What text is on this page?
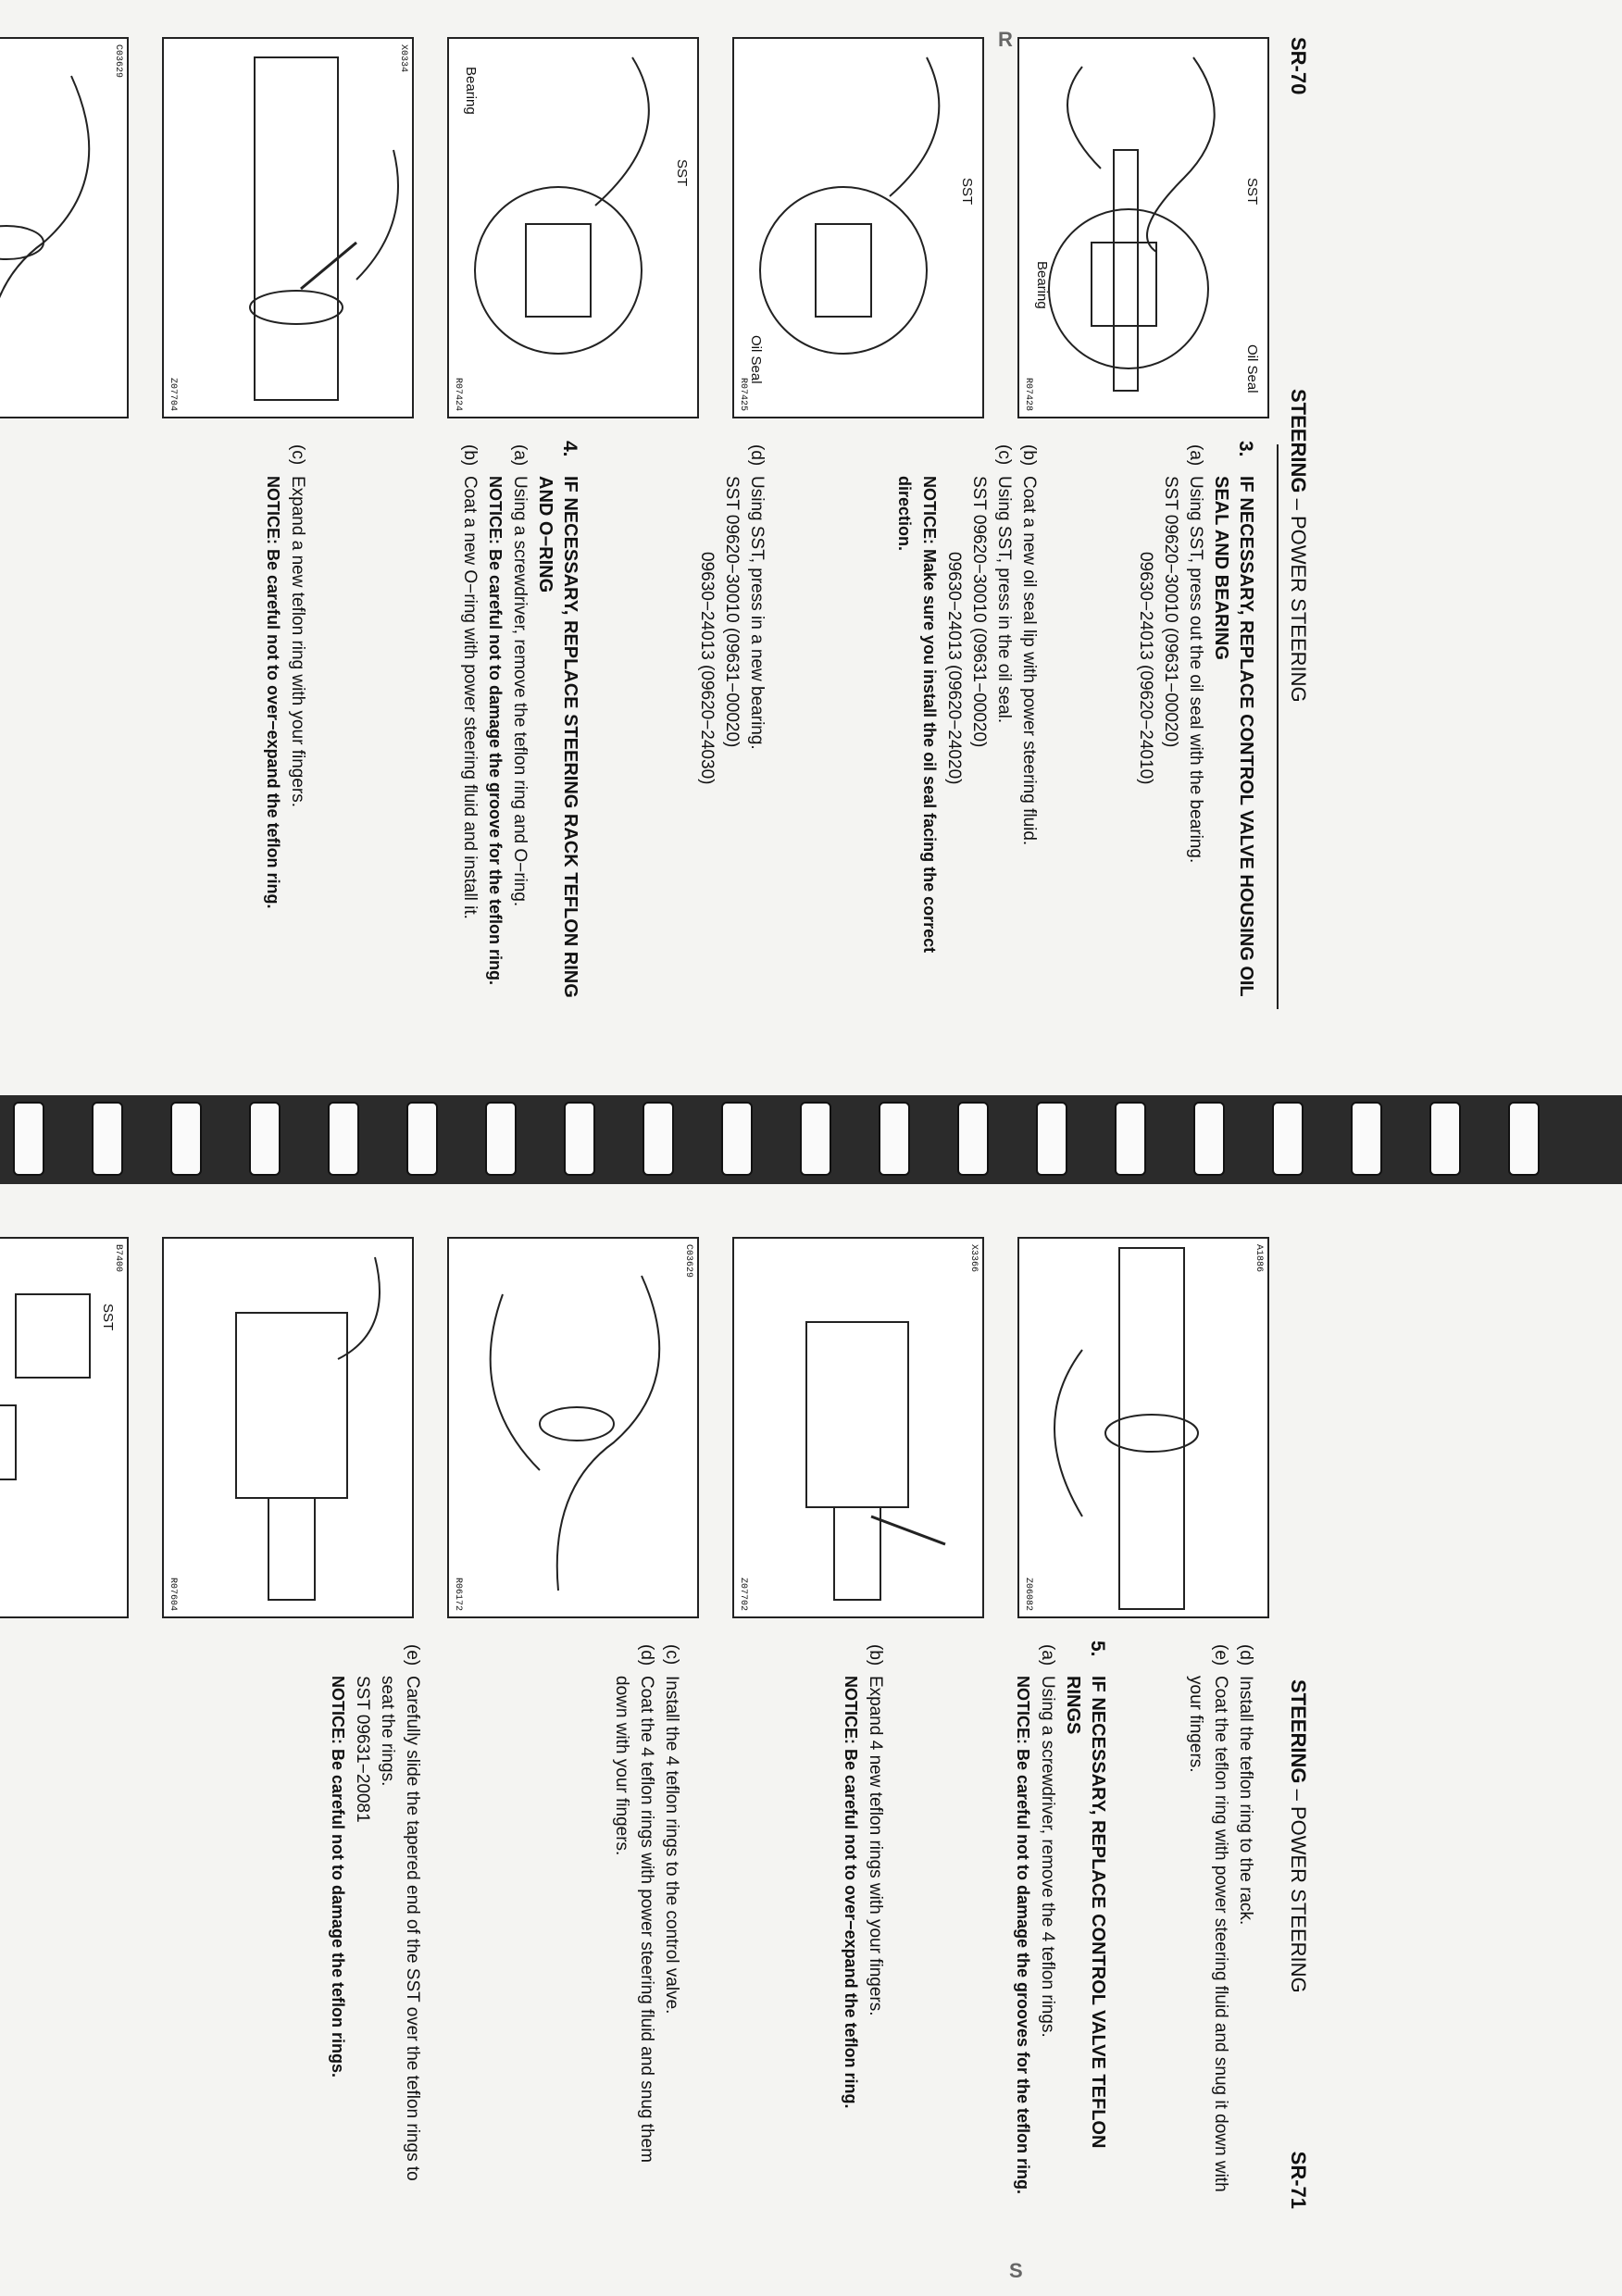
R
S
SR-70
STEERING – POWER STEERING
SST
Oil Seal
Bearing
R07428
SST
Oil Seal
R07425
SST
Bearing
R07424
X0334
Z07704
C03629
3.
IF NECESSARY, REPLACE CONTROL VALVE HOUSING OIL SEAL AND BEARING
(a)
Using SST, press out the oil seal with the bearing.
SST 09620−30010 (09631−00020)
09630−24013 (09620−24010)
(b)
Coat a new oil seal lip with power steering fluid.
(c)
Using SST, press in the oil seal.
SST 09620−30010 (09631−00020)
09630−24013 (09620−24020)
NOTICE: Make sure you install the oil seal facing the correct direction.
(d)
Using SST, press in a new bearing.
SST 09620−30010 (09631−00020)
09630−24013 (09620−24030)
4.
IF NECESSARY, REPLACE STEERING RACK TEFLON RING AND O−RING
(a)
Using a screwdriver, remove the teflon ring and O−ring.
NOTICE: Be careful not to damage the groove for the teflon ring.
(b)
Coat a new O−ring with power steering fluid and install it.
(c)
Expand a new teflon ring with your fingers.
NOTICE: Be careful not to over−expand the teflon ring.
STEERING – POWER STEERING
SR-71
A1886
Z06082
X3366
Z07702
C03629
R06172
R07604
SST
B7400
(d)
Install the teflon ring to the rack.
(e)
Coat the teflon ring with power steering fluid and snug it down with your fingers.
5.
IF NECESSARY, REPLACE CONTROL VALVE TEFLON RINGS
(a)
Using a screwdriver, remove the 4 teflon rings.
NOTICE: Be careful not to damage the grooves for the teflon ring.
(b)
Expand 4 new teflon rings with your fingers.
NOTICE: Be careful not to over−expand the teflon ring.
(c)
Install the 4 teflon rings to the control valve.
(d)
Coat the 4 teflon rings with power steering fluid and snug them down with your fingers.
(e)
Carefully slide the tapered end of the SST over the teflon rings to seat the rings.
SST 09631−20081
NOTICE: Be careful not to damage the teflon rings.
